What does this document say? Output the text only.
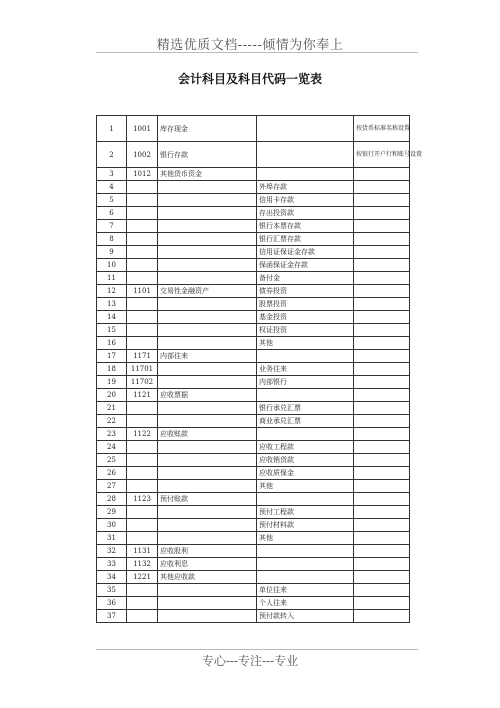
精选优质文档-----倾情为你奉上
会计科目及科目代码一览表
1	1001	库存现金		按货币标准名称设置
2	1002	银行存款		按银行开户行和账号设置
3	1012	其他货币资金		
4			外埠存款	
5			信用卡存款	
6			存出投资款	
7			银行本票存款	
8			银行汇票存款	
9			信用证保证金存款	
10			保函保证金存款	
11			备付金	
12	1101	交易性金融资产	债券投资	
13			股票投资	
14			基金投资	
15			权证投资	
16			其他	
17	1171	内部往来		
18	11701		业务往来	
19	11702		内部银行	
20	1121	应收票据		
21			银行承兑汇票	
22			商业承兑汇票	
23	1122	应收账款		
24			应收工程款	
25			应收销货款	
26			应收质保金	
27			其他	
28	1123	预付账款		
29			预付工程款	
30			预付材料款	
31			其他	
32	1131	应收股利		
33	1132	应收利息		
34	1221	其他应收款		
35			单位往来	
36			个人往来	
37			预付款转入	
专心---专注---专业
